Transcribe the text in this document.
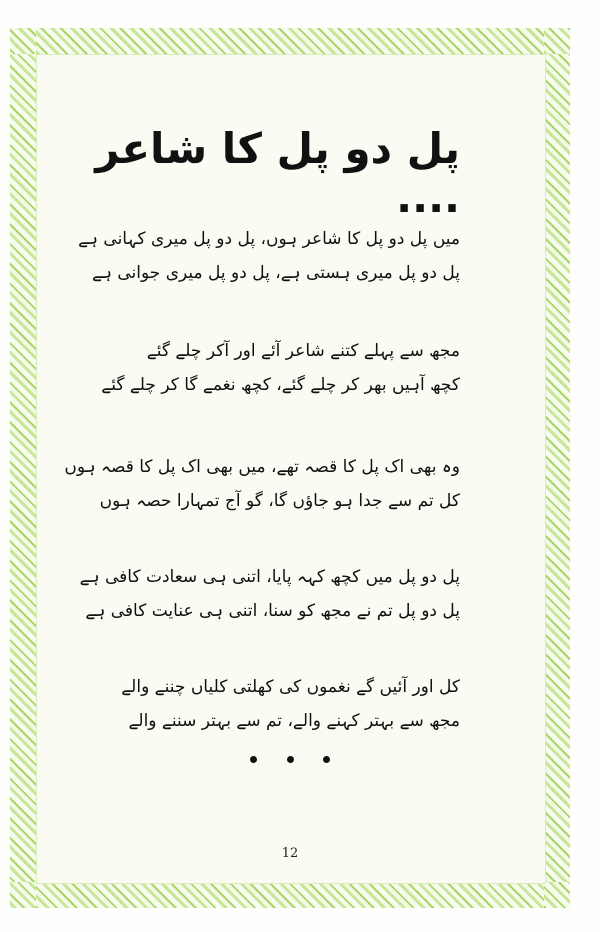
پل دو پل کا شاعر ....
میں پل دو پل کا شاعر ہوں، پل دو پل میری کہانی ہے
پل دو پل میری ہستی ہے، پل دو پل میری جوانی ہے
مجھ سے پہلے کتنے شاعر آئے اور آکر چلے گئے
کچھ آہیں بھر کر چلے گئے، کچھ نغمے گا کر چلے گئے
وہ بھی اک پل کا قصہ تھے، میں بھی اک پل کا قصہ ہوں
کل تم سے جدا ہو جاؤں گا، گو آج تمہارا حصہ ہوں
پل دو پل میں کچھ کہہ پایا، اتنی ہی سعادت کافی ہے
پل دو پل تم نے مجھ کو سنا، اتنی ہی عنایت کافی ہے
کل اور آئیں گے نغموں کی کھلتی کلیاں چننے والے
مجھ سے بہتر کہنے والے، تم سے بہتر سننے والے
12
